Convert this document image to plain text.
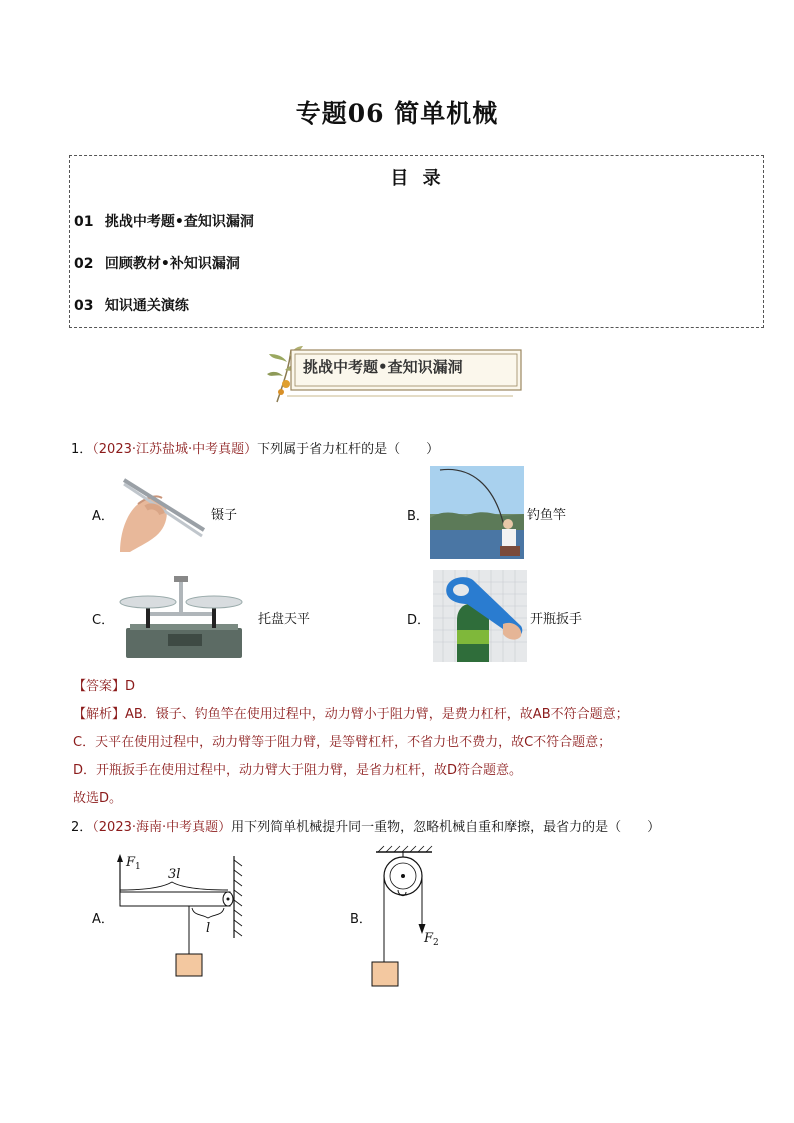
专题06 简单机械
目 录
01 挑战中考题•查知识漏洞
02 回顾教材•补知识漏洞
03 知识通关演练
挑战中考题•查知识漏洞
1．（2023·江苏盐城·中考真题）下列属于省力杠杆的是（　　）
A．	镊子	B．	钓鱼竿
C．	托盘天平	D．	开瓶扳手
【答案】D
【解析】AB．镊子、钓鱼竿在使用过程中，动力臂小于阻力臂，是费力杠杆，故AB不符合题意；
C．天平在使用过程中，动力臂等于阻力臂，是等臂杠杆，不省力也不费力，故C不符合题意；
D．开瓶扳手在使用过程中，动力臂大于阻力臂，是省力杠杆，故D符合题意。
故选D。
2．（2023·海南·中考真题）用下列简单机械提升同一重物，忽略机械自重和摩擦，最省力的是（　　）
A．
$F_1$ 3l
l
B．
$F_2$
